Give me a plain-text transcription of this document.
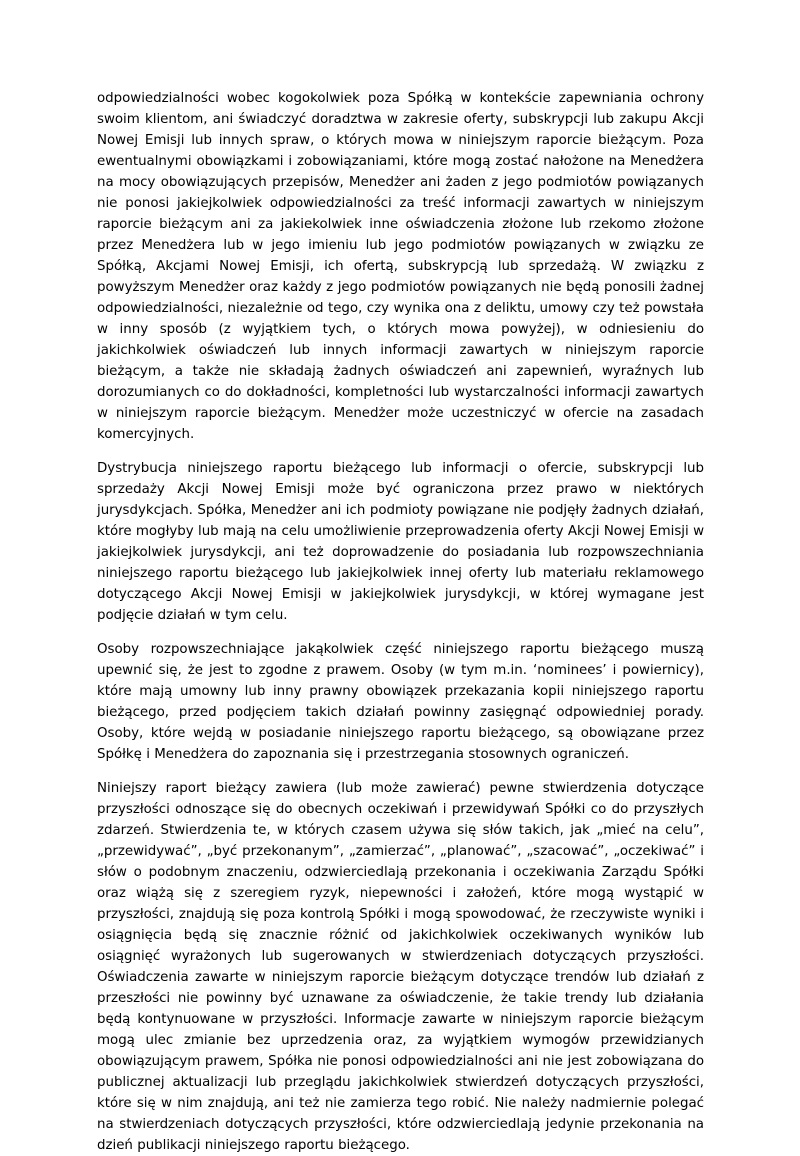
odpowiedzialności wobec kogokolwiek poza Spółką w kontekście zapewniania ochrony swoim klientom, ani świadczyć doradztwa w zakresie oferty, subskrypcji lub zakupu Akcji Nowej Emisji lub innych spraw, o których mowa w niniejszym raporcie bieżącym. Poza ewentualnymi obowiązkami i zobowiązaniami, które mogą zostać nałożone na Menedżera na mocy obowiązujących przepisów, Menedżer ani żaden z jego podmiotów powiązanych nie ponosi jakiejkolwiek odpowiedzialności za treść informacji zawartych w niniejszym raporcie bieżącym ani za jakiekolwiek inne oświadczenia złożone lub rzekomo złożone przez Menedżera lub w jego imieniu lub jego podmiotów powiązanych w związku ze Spółką, Akcjami Nowej Emisji, ich ofertą, subskrypcją lub sprzedażą. W związku z powyższym Menedżer oraz każdy z jego podmiotów powiązanych nie będą ponosili żadnej odpowiedzialności, niezależnie od tego, czy wynika ona z deliktu, umowy czy też powstała w inny sposób (z wyjątkiem tych, o których mowa powyżej), w odniesieniu do jakichkolwiek oświadczeń lub innych informacji zawartych w niniejszym raporcie bieżącym, a także nie składają żadnych oświadczeń ani zapewnień, wyraźnych lub dorozumianych co do dokładności, kompletności lub wystarczalności informacji zawartych w niniejszym raporcie bieżącym. Menedżer może uczestniczyć w ofercie na zasadach komercyjnych.

Dystrybucja niniejszego raportu bieżącego lub informacji o ofercie, subskrypcji lub sprzedaży Akcji Nowej Emisji może być ograniczona przez prawo w niektórych jurysdykcjach. Spółka, Menedżer ani ich podmioty powiązane nie podjęły żadnych działań, które mogłyby lub mają na celu umożliwienie przeprowadzenia oferty Akcji Nowej Emisji w jakiejkolwiek jurysdykcji, ani też doprowadzenie do posiadania lub rozpowszechniania niniejszego raportu bieżącego lub jakiejkolwiek innej oferty lub materiału reklamowego dotyczącego Akcji Nowej Emisji w jakiejkolwiek jurysdykcji, w której wymagane jest podjęcie działań w tym celu.

Osoby rozpowszechniające jakąkolwiek część niniejszego raportu bieżącego muszą upewnić się, że jest to zgodne z prawem. Osoby (w tym m.in. ‘nominees’ i powiernicy), które mają umowny lub inny prawny obowiązek przekazania kopii niniejszego raportu bieżącego, przed podjęciem takich działań powinny zasięgnąć odpowiedniej porady. Osoby, które wejdą w posiadanie niniejszego raportu bieżącego, są obowiązane przez Spółkę i Menedżera do zapoznania się i przestrzegania stosownych ograniczeń.

Niniejszy raport bieżący zawiera (lub może zawierać) pewne stwierdzenia dotyczące przyszłości odnoszące się do obecnych oczekiwań i przewidywań Spółki co do przyszłych zdarzeń. Stwierdzenia te, w których czasem używa się słów takich, jak „mieć na celu”, „przewidywać”, „być przekonanym”, „zamierzać”, „planować”, „szacować”, „oczekiwać” i słów o podobnym znaczeniu, odzwierciedlają przekonania i oczekiwania Zarządu Spółki oraz wiążą się z szeregiem ryzyk, niepewności i założeń, które mogą wystąpić w przyszłości, znajdują się poza kontrolą Spółki i mogą spowodować, że rzeczywiste wyniki i osiągnięcia będą się znacznie różnić od jakichkolwiek oczekiwanych wyników lub osiągnięć wyrażonych lub sugerowanych w stwierdzeniach dotyczących przyszłości. Oświadczenia zawarte w niniejszym raporcie bieżącym dotyczące trendów lub działań z przeszłości nie powinny być uznawane za oświadczenie, że takie trendy lub działania będą kontynuowane w przyszłości. Informacje zawarte w niniejszym raporcie bieżącym mogą ulec zmianie bez uprzedzenia oraz, za wyjątkiem wymogów przewidzianych obowiązującym prawem, Spółka nie ponosi odpowiedzialności ani nie jest zobowiązana do publicznej aktualizacji lub przeglądu jakichkolwiek stwierdzeń dotyczących przyszłości, które się w nim znajdują, ani też nie zamierza tego robić. Nie należy nadmiernie polegać na stwierdzeniach dotyczących przyszłości, które odzwierciedlają jedynie przekonania na dzień publikacji niniejszego raportu bieżącego.
